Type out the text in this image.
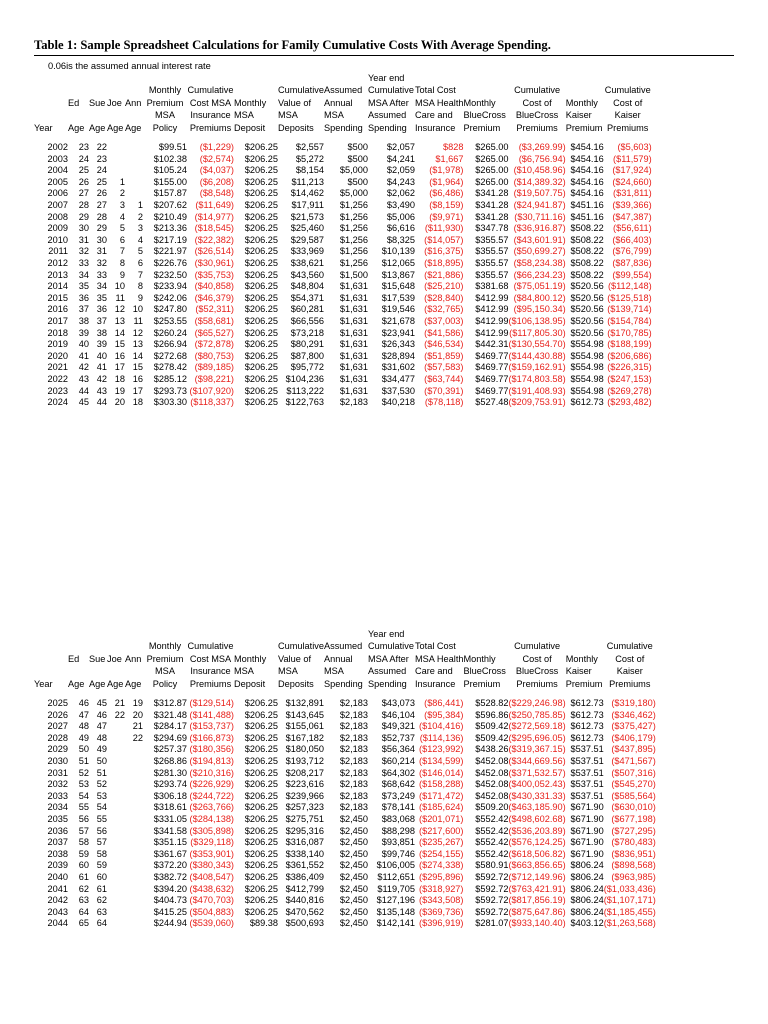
Table 1: Sample Spreadsheet Calculations for Family Cumulative Costs With Average Spending.
0.06is the assumed annual interest rate
										Year end					
					Monthly	Cumulative		Cumulative	Assumed	Cumulative	Total Cost		Cumulative		Cumulative
	Ed	Sue	Joe	Ann	Premium	Cost MSA	Monthly	Value of	Annual	MSA After	MSA Health	Monthly	Cost of	Monthly	Cost of
					MSA	Insurance	MSA	MSA	MSA	Assumed	Care and	BlueCross	BlueCross	Kaiser	Kaiser
Year	Age	Age	Age	Age	Policy	Premiums	Deposit	Deposits	Spending	Spending	Insurance	Premium	Premiums	Premium	Premiums

2002	23	22			$99.51	($1,229)	$206.25	$2,557	$500	$2,057	$828	$265.00	($3,269.99)	$454.16	($5,603)
2003	24	23			$102.38	($2,574)	$206.25	$5,272	$500	$4,241	$1,667	$265.00	($6,756.94)	$454.16	($11,579)
2004	25	24			$105.24	($4,037)	$206.25	$8,154	$5,000	$2,059	($1,978)	$265.00	($10,458.96)	$454.16	($17,924)
2005	26	25	1		$155.00	($6,208)	$206.25	$11,213	$500	$4,243	($1,964)	$265.00	($14,389.32)	$454.16	($24,660)
2006	27	26	2		$157.87	($8,548)	$206.25	$14,462	$5,000	$2,062	($6,486)	$341.28	($19,507.75)	$454.16	($31,811)
2007	28	27	3	1	$207.62	($11,649)	$206.25	$17,911	$1,256	$3,490	($8,159)	$341.28	($24,941.87)	$451.16	($39,366)
2008	29	28	4	2	$210.49	($14,977)	$206.25	$21,573	$1,256	$5,006	($9,971)	$341.28	($30,711.16)	$451.16	($47,387)
2009	30	29	5	3	$213.36	($18,545)	$206.25	$25,460	$1,256	$6,616	($11,930)	$347.78	($36,916.87)	$508.22	($56,611)
2010	31	30	6	4	$217.19	($22,382)	$206.25	$29,587	$1,256	$8,325	($14,057)	$355.57	($43,601.91)	$508.22	($66,403)
2011	32	31	7	5	$221.97	($26,514)	$206.25	$33,969	$1,256	$10,139	($16,375)	$355.57	($50,699.27)	$508.22	($76,799)
2012	33	32	8	6	$226.76	($30,961)	$206.25	$38,621	$1,256	$12,065	($18,895)	$355.57	($58,234.38)	$508.22	($87,836)
2013	34	33	9	7	$232.50	($35,753)	$206.25	$43,560	$1,500	$13,867	($21,886)	$355.57	($66,234.23)	$508.22	($99,554)
2014	35	34	10	8	$233.94	($40,858)	$206.25	$48,804	$1,631	$15,648	($25,210)	$381.68	($75,051.19)	$520.56	($112,148)
2015	36	35	11	9	$242.06	($46,379)	$206.25	$54,371	$1,631	$17,539	($28,840)	$412.99	($84,800.12)	$520.56	($125,518)
2016	37	36	12	10	$247.80	($52,311)	$206.25	$60,281	$1,631	$19,546	($32,765)	$412.99	($95,150.34)	$520.56	($139,714)
2017	38	37	13	11	$253.55	($58,681)	$206.25	$66,556	$1,631	$21,678	($37,003)	$412.99	($106,138.95)	$520.56	($154,784)
2018	39	38	14	12	$260.24	($65,527)	$206.25	$73,218	$1,631	$23,941	($41,586)	$412.99	($117,805.30)	$520.56	($170,785)
2019	40	39	15	13	$266.94	($72,878)	$206.25	$80,291	$1,631	$26,343	($46,534)	$442.31	($130,554.70)	$554.98	($188,199)
2020	41	40	16	14	$272.68	($80,753)	$206.25	$87,800	$1,631	$28,894	($51,859)	$469.77	($144,430.88)	$554.98	($206,686)
2021	42	41	17	15	$278.42	($89,185)	$206.25	$95,772	$1,631	$31,602	($57,583)	$469.77	($159,162.91)	$554.98	($226,315)
2022	43	42	18	16	$285.12	($98,221)	$206.25	$104,236	$1,631	$34,477	($63,744)	$469.77	($174,803.58)	$554.98	($247,153)
2023	44	43	19	17	$293.73	($107,920)	$206.25	$113,222	$1,631	$37,530	($70,391)	$469.77	($191,408.93)	$554.98	($269,278)
2024	45	44	20	18	$303.30	($118,337)	$206.25	$122,763	$2,183	$40,218	($78,118)	$527.48	($209,753.91)	$612.73	($293,482)
										Year end					
					Monthly	Cumulative		Cumulative	Assumed	Cumulative	Total Cost		Cumulative		Cumulative
	Ed	Sue	Joe	Ann	Premium	Cost MSA	Monthly	Value of	Annual	MSA After	MSA Health	Monthly	Cost of	Monthly	Cost of
					MSA	Insurance	MSA	MSA	MSA	Assumed	Care and	BlueCross	BlueCross	Kaiser	Kaiser
Year	Age	Age	Age	Age	Policy	Premiums	Deposit	Deposits	Spending	Spending	Insurance	Premium	Premiums	Premium	Premiums

2025	46	45	21	19	$312.87	($129,514)	$206.25	$132,891	$2,183	$43,073	($86,441)	$528.82	($229,246.98)	$612.73	($319,180)
2026	47	46	22	20	$321.48	($141,488)	$206.25	$143,645	$2,183	$46,104	($95,384)	$596.86	($250,785.85)	$612.73	($346,462)
2027	48	47		21	$284.17	($153,737)	$206.25	$155,061	$2,183	$49,321	($104,416)	$509.42	($272,569.18)	$612.73	($375,427)
2028	49	48		22	$294.69	($166,873)	$206.25	$167,182	$2,183	$52,737	($114,136)	$509.42	($295,696.05)	$612.73	($406,179)
2029	50	49			$257.37	($180,356)	$206.25	$180,050	$2,183	$56,364	($123,992)	$438.26	($319,367.15)	$537.51	($437,895)
2030	51	50			$268.86	($194,813)	$206.25	$193,712	$2,183	$60,214	($134,599)	$452.08	($344,669.56)	$537.51	($471,567)
2031	52	51			$281.30	($210,316)	$206.25	$208,217	$2,183	$64,302	($146,014)	$452.08	($371,532.57)	$537.51	($507,316)
2032	53	52			$293.74	($226,929)	$206.25	$223,616	$2,183	$68,642	($158,288)	$452.08	($400,052.43)	$537.51	($545,270)
2033	54	53			$306.18	($244,722)	$206.25	$239,966	$2,183	$73,249	($171,472)	$452.08	($430,331.33)	$537.51	($585,564)
2034	55	54			$318.61	($263,766)	$206.25	$257,323	$2,183	$78,141	($185,624)	$509.20	($463,185.90)	$671.90	($630,010)
2035	56	55			$331.05	($284,138)	$206.25	$275,751	$2,450	$83,068	($201,071)	$552.42	($498,602.68)	$671.90	($677,198)
2036	57	56			$341.58	($305,898)	$206.25	$295,316	$2,450	$88,298	($217,600)	$552.42	($536,203.89)	$671.90	($727,295)
2037	58	57			$351.15	($329,118)	$206.25	$316,087	$2,450	$93,851	($235,267)	$552.42	($576,124.25)	$671.90	($780,483)
2038	59	58			$361.67	($353,901)	$206.25	$338,140	$2,450	$99,746	($254,155)	$552.42	($618,506.82)	$671.90	($836,951)
2039	60	59			$372.20	($380,343)	$206.25	$361,552	$2,450	$106,005	($274,338)	$580.91	($663,856.65)	$806.24	($898,568)
2040	61	60			$382.72	($408,547)	$206.25	$386,409	$2,450	$112,651	($295,896)	$592.72	($712,149.96)	$806.24	($963,985)
2041	62	61			$394.20	($438,632)	$206.25	$412,799	$2,450	$119,705	($318,927)	$592.72	($763,421.91)	$806.24	($1,033,436)
2042	63	62			$404.73	($470,703)	$206.25	$440,816	$2,450	$127,196	($343,508)	$592.72	($817,856.19)	$806.24	($1,107,171)
2043	64	63			$415.25	($504,883)	$206.25	$470,562	$2,450	$135,148	($369,736)	$592.72	($875,647.86)	$806.24	($1,185,455)
2044	65	64			$244.94	($539,060)	$89.38	$500,693	$2,450	$142,141	($396,919)	$281.07	($933,140.40)	$403.12	($1,263,568)
